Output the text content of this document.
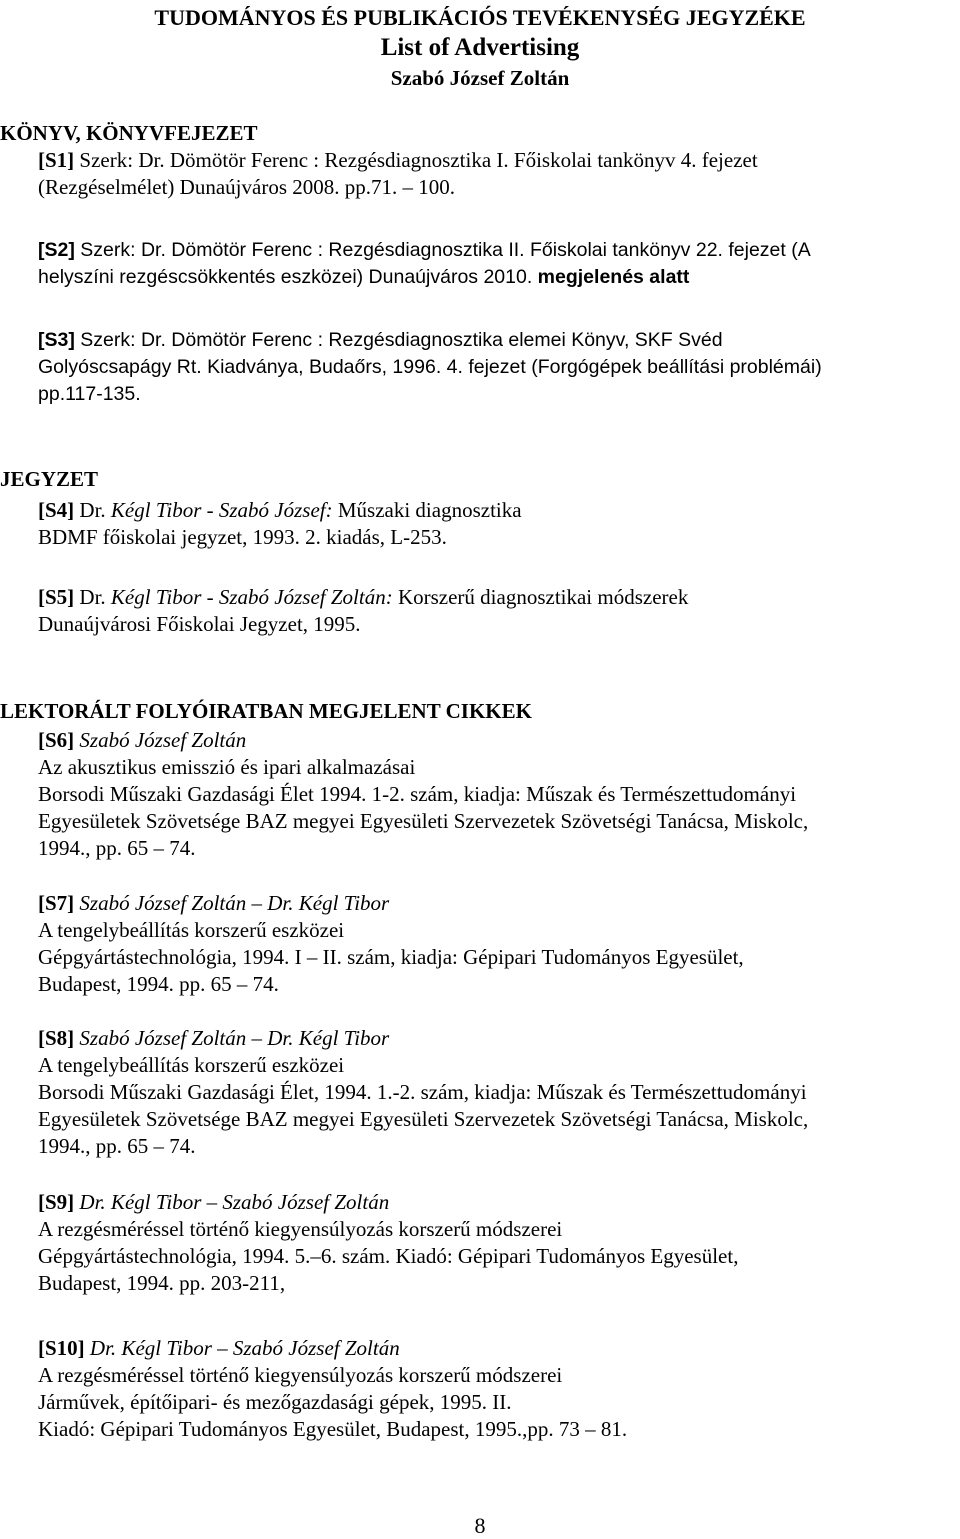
TUDOMÁNYOS ÉS PUBLIKÁCIÓS TEVÉKENYSÉG JEGYZÉKE
List of Advertising
Szabó József Zoltán
KÖNYV, KÖNYVFEJEZET
[S1] Szerk: Dr. Dömötör Ferenc : Rezgésdiagnosztika I. Főiskolai tankönyv 4. fejezet
(Rezgéselmélet) Dunaújváros 2008. pp.71. – 100.
[S2] Szerk: Dr. Dömötör Ferenc : Rezgésdiagnosztika II. Főiskolai tankönyv 22. fejezet (A
helyszíni rezgéscsökkentés eszközei) Dunaújváros 2010. megjelenés alatt
[S3] Szerk: Dr. Dömötör Ferenc : Rezgésdiagnosztika elemei Könyv, SKF Svéd
Golyóscsapágy Rt. Kiadványa, Budaőrs, 1996. 4. fejezet (Forgógépek beállítási problémái)
pp.117-135.
JEGYZET
[S4] Dr. Kégl Tibor - Szabó József: Műszaki diagnosztika
BDMF főiskolai jegyzet, 1993. 2. kiadás, L-253.
[S5] Dr. Kégl Tibor - Szabó József Zoltán: Korszerű diagnosztikai módszerek
Dunaújvárosi Főiskolai Jegyzet, 1995.
LEKTORÁLT FOLYÓIRATBAN MEGJELENT CIKKEK
[S6] Szabó József Zoltán
Az akusztikus emisszió és ipari alkalmazásai
Borsodi Műszaki Gazdasági Élet 1994. 1-2. szám, kiadja: Műszak és Természettudományi
Egyesületek Szövetsége BAZ megyei Egyesületi Szervezetek Szövetségi Tanácsa, Miskolc,
1994., pp. 65 – 74.
[S7] Szabó József Zoltán – Dr. Kégl Tibor
A tengelybeállítás korszerű eszközei
Gépgyártástechnológia, 1994. I – II. szám, kiadja: Gépipari Tudományos Egyesület,
Budapest, 1994. pp. 65 – 74.
[S8] Szabó József Zoltán – Dr. Kégl Tibor
A tengelybeállítás korszerű eszközei
Borsodi Műszaki Gazdasági Élet, 1994. 1.-2. szám, kiadja: Műszak és Természettudományi
Egyesületek Szövetsége BAZ megyei Egyesületi Szervezetek Szövetségi Tanácsa, Miskolc,
1994., pp. 65 – 74.
[S9] Dr. Kégl Tibor – Szabó József Zoltán
A rezgésméréssel történő kiegyensúlyozás korszerű módszerei
Gépgyártástechnológia, 1994. 5.–6. szám. Kiadó: Gépipari Tudományos Egyesület,
Budapest, 1994. pp. 203-211,
[S10] Dr. Kégl Tibor – Szabó József Zoltán
A rezgésméréssel történő kiegyensúlyozás korszerű módszerei
Járművek, építőipari- és mezőgazdasági gépek, 1995. II.
Kiadó: Gépipari Tudományos Egyesület, Budapest, 1995.,pp. 73 – 81.
8
